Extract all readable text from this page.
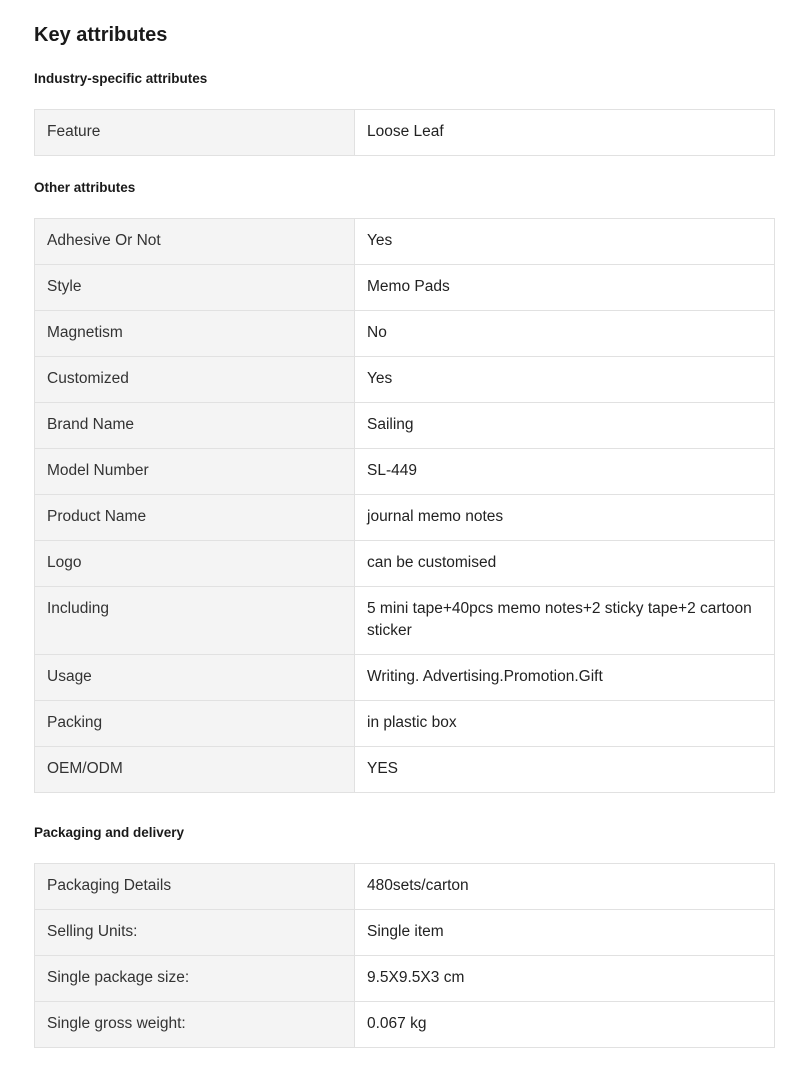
Key attributes
Industry-specific attributes
Feature	Loose Leaf
Other attributes
Adhesive Or Not	Yes
Style	Memo Pads
Magnetism	No
Customized	Yes
Brand Name	Sailing
Model Number	SL-449
Product Name	journal memo notes
Logo	can be customised
Including	5 mini tape+40pcs memo notes+2 sticky tape+2 cartoon sticker
Usage	Writing. Advertising.Promotion.Gift
Packing	in plastic box
OEM/ODM	YES
Packaging and delivery
Packaging Details	480sets/carton
Selling Units:	Single item
Single package size:	9.5X9.5X3 cm
Single gross weight:	0.067 kg
